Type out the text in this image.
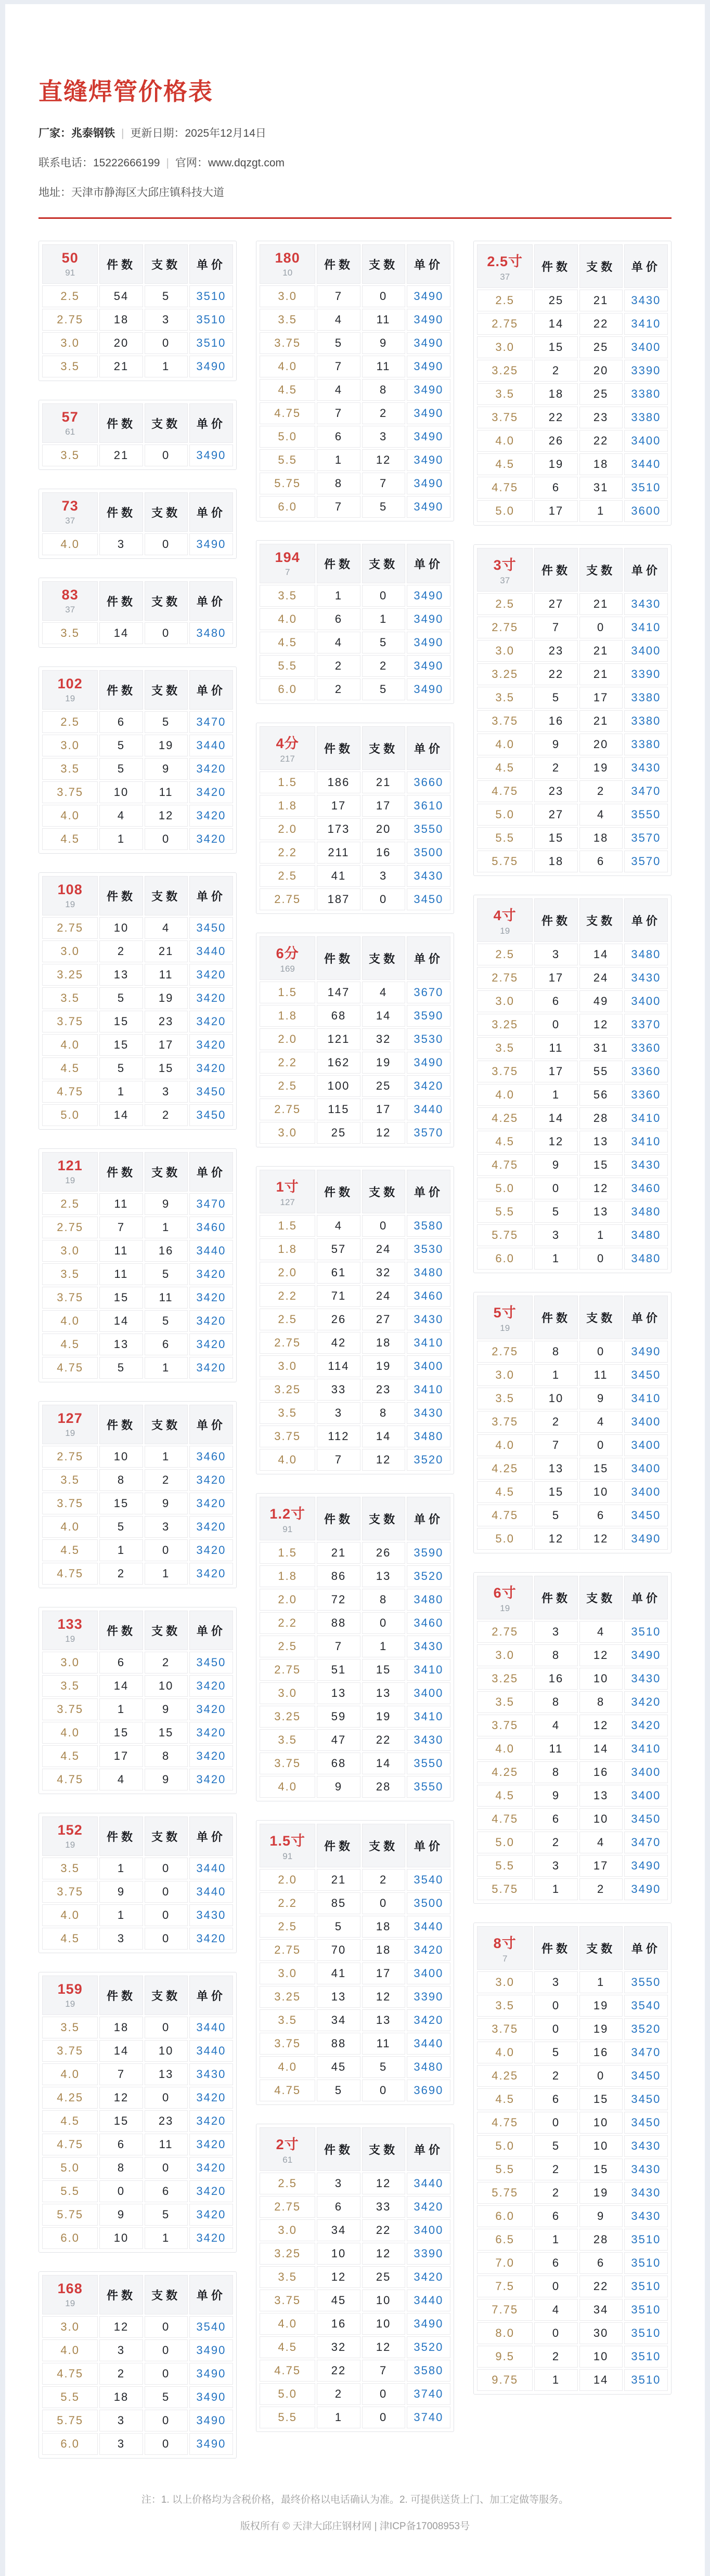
直缝焊管价格表

厂家：兆泰钢铁 | 更新日期：2025年12月14日

联系电话：15222666199 | 官网：www.dqzgt.com

地址：天津市静海区大邱庄镇科技大道

50
91	件数	支数	单价
2.5	54	5	3510
2.75	18	3	3510
3.0	20	0	3510
3.5	21	1	3490
57
61	件数	支数	单价
3.5	21	0	3490
73
37	件数	支数	单价
4.0	3	0	3490
83
37	件数	支数	单价
3.5	14	0	3480
102
19	件数	支数	单价
2.5	6	5	3470
3.0	5	19	3440
3.5	5	9	3420
3.75	10	11	3420
4.0	4	12	3420
4.5	1	0	3420
108
19	件数	支数	单价
2.75	10	4	3450
3.0	2	21	3440
3.25	13	11	3420
3.5	5	19	3420
3.75	15	23	3420
4.0	15	17	3420
4.5	5	15	3420
4.75	1	3	3450
5.0	14	2	3450
121
19	件数	支数	单价
2.5	11	9	3470
2.75	7	1	3460
3.0	11	16	3440
3.5	11	5	3420
3.75	15	11	3420
4.0	14	5	3420
4.5	13	6	3420
4.75	5	1	3420
127
19	件数	支数	单价
2.75	10	1	3460
3.5	8	2	3420
3.75	15	9	3420
4.0	5	3	3420
4.5	1	0	3420
4.75	2	1	3420
133
19	件数	支数	单价
3.0	6	2	3450
3.5	14	10	3420
3.75	1	9	3420
4.0	15	15	3420
4.5	17	8	3420
4.75	4	9	3420
152
19	件数	支数	单价
3.5	1	0	3440
3.75	9	0	3440
4.0	1	0	3430
4.5	3	0	3420
159
19	件数	支数	单价
3.5	18	0	3440
3.75	14	10	3440
4.0	7	13	3430
4.25	12	0	3420
4.5	15	23	3420
4.75	6	11	3420
5.0	8	0	3420
5.5	0	6	3420
5.75	9	5	3420
6.0	10	1	3420
168
19	件数	支数	单价
3.0	12	0	3540
4.0	3	0	3490
4.75	2	0	3490
5.5	18	5	3490
5.75	3	0	3490
6.0	3	0	3490
180
10	件数	支数	单价
3.0	7	0	3490
3.5	4	11	3490
3.75	5	9	3490
4.0	7	11	3490
4.5	4	8	3490
4.75	7	2	3490
5.0	6	3	3490
5.5	1	12	3490
5.75	8	7	3490
6.0	7	5	3490
194
7	件数	支数	单价
3.5	1	0	3490
4.0	6	1	3490
4.5	4	5	3490
5.5	2	2	3490
6.0	2	5	3490
4分
217	件数	支数	单价
1.5	186	21	3660
1.8	17	17	3610
2.0	173	20	3550
2.2	211	16	3500
2.5	41	3	3430
2.75	187	0	3450
6分
169	件数	支数	单价
1.5	147	4	3670
1.8	68	14	3590
2.0	121	32	3530
2.2	162	19	3490
2.5	100	25	3420
2.75	115	17	3440
3.0	25	12	3570
1寸
127	件数	支数	单价
1.5	4	0	3580
1.8	57	24	3530
2.0	61	32	3480
2.2	71	24	3460
2.5	26	27	3430
2.75	42	18	3410
3.0	114	19	3400
3.25	33	23	3410
3.5	3	8	3430
3.75	112	14	3480
4.0	7	12	3520
1.2寸
91	件数	支数	单价
1.5	21	26	3590
1.8	86	13	3520
2.0	72	8	3480
2.2	88	0	3460
2.5	7	1	3430
2.75	51	15	3410
3.0	13	13	3400
3.25	59	19	3410
3.5	47	22	3430
3.75	68	14	3550
4.0	9	28	3550
1.5寸
91	件数	支数	单价
2.0	21	2	3540
2.2	85	0	3500
2.5	5	18	3440
2.75	70	18	3420
3.0	41	17	3400
3.25	13	12	3390
3.5	34	13	3420
3.75	88	11	3440
4.0	45	5	3480
4.75	5	0	3690
2寸
61	件数	支数	单价
2.5	3	12	3440
2.75	6	33	3420
3.0	34	22	3400
3.25	10	12	3390
3.5	12	25	3420
3.75	45	10	3440
4.0	16	10	3490
4.5	32	12	3520
4.75	22	7	3580
5.0	2	0	3740
5.5	1	0	3740
2.5寸
37	件数	支数	单价
2.5	25	21	3430
2.75	14	22	3410
3.0	15	25	3400
3.25	2	20	3390
3.5	18	25	3380
3.75	22	23	3380
4.0	26	22	3400
4.5	19	18	3440
4.75	6	31	3510
5.0	17	1	3600
3寸
37	件数	支数	单价
2.5	27	21	3430
2.75	7	0	3410
3.0	23	21	3400
3.25	22	21	3390
3.5	5	17	3380
3.75	16	21	3380
4.0	9	20	3380
4.5	2	19	3430
4.75	23	2	3470
5.0	27	4	3550
5.5	15	18	3570
5.75	18	6	3570
4寸
19	件数	支数	单价
2.5	3	14	3480
2.75	17	24	3430
3.0	6	49	3400
3.25	0	12	3370
3.5	11	31	3360
3.75	17	55	3360
4.0	1	56	3360
4.25	14	28	3410
4.5	12	13	3410
4.75	9	15	3430
5.0	0	12	3460
5.5	5	13	3480
5.75	3	1	3480
6.0	1	0	3480
5寸
19	件数	支数	单价
2.75	8	0	3490
3.0	1	11	3450
3.5	10	9	3410
3.75	2	4	3400
4.0	7	0	3400
4.25	13	15	3400
4.5	15	10	3400
4.75	5	6	3450
5.0	12	12	3490
6寸
19	件数	支数	单价
2.75	3	4	3510
3.0	8	12	3490
3.25	16	10	3430
3.5	8	8	3420
3.75	4	12	3420
4.0	11	14	3410
4.25	8	16	3400
4.5	9	13	3400
4.75	6	10	3450
5.0	2	4	3470
5.5	3	17	3490
5.75	1	2	3490
8寸
7	件数	支数	单价
3.0	3	1	3550
3.5	0	19	3540
3.75	0	19	3520
4.0	5	16	3470
4.25	2	0	3450
4.5	6	15	3450
4.75	0	10	3450
5.0	5	10	3430
5.5	2	15	3430
5.75	2	19	3430
6.0	6	9	3430
6.5	1	28	3510
7.0	6	6	3510
7.5	0	22	3510
7.75	4	34	3510
8.0	0	30	3510
9.5	2	10	3510
9.75	1	14	3510

注：1. 以上价格均为含税价格，最终价格以电话确认为准。2. 可提供送货上门、加工定做等服务。

版权所有 © 天津大邱庄钢材网 | 津ICP备17008953号
